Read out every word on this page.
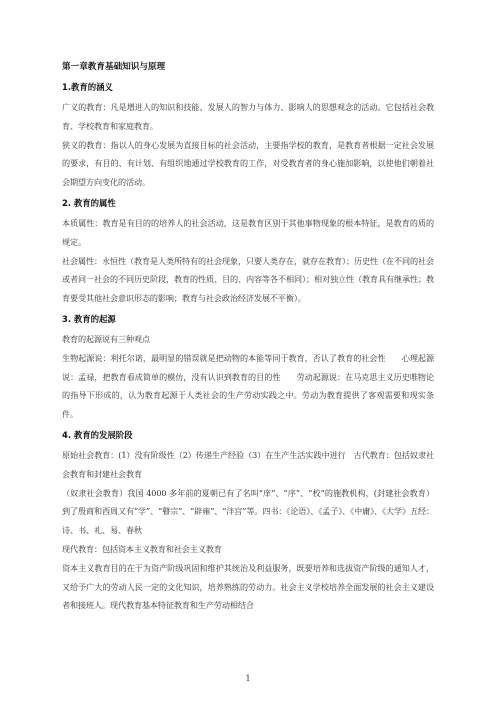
第一章教育基础知识与原理
1.教育的涵义

广义的教育：凡是增进人的知识和技能、发展人的智力与体力、影响人的思想观念的活动。它包括社会教育、学校教育和家庭教育。

狭义的教育：指以人的身心发展为直接目标的社会活动，主要指学校的教育，是教育者根据一定社会发展的要求，有目的、有计划、有组织地通过学校教育的工作，对受教育者的身心施加影响，以使他们朝着社会期望方向变化的活动。

2. 教育的属性

本质属性：教育是有目的的培养人的社会活动，这是教育区别于其他事物现象的根本特征，是教育的质的规定。

社会属性：永恒性（教育是人类所特有的社会现象，只要人类存在，就存在教育）；历史性（在不同的社会或者同一社会的不同历史阶段，教育的性质、目的、内容等各不相同）；相对独立性（教育具有继承性；教育要受其他社会意识形态的影响；教育与社会政治经济发展不平衡）。

3. 教育的起源

教育的起源说有三种观点

生物起源说：利托尔诺，最明显的错误就是把动物的本能等同于教育，否认了教育的社会性　　心理起源说：孟禄，把教育看成简单的模仿，没有认识到教育的目的性　　劳动起源说：在马克思主义历史唯物论的指导下形成的，认为教育起源于人类社会的生产劳动实践之中。劳动为教育提供了客观需要和现实条件。

4. 教育的发展阶段

原始社会教育：(1）没有阶级性（2）传递生产经验（3）在生产生活实践中进行　古代教育：包括奴隶社会教育和封建社会教育

（奴隶社会教育）我国 4000 多年前的夏朝已有了名叫“庠”、“序”、“校”的施教机构，(封建社会教育）到了殷商和西周又有“学”、“瞽宗”、“辟雍”、“泮宫”等。四书：《论语》、《孟子》、《中庸》、《大学》五经：诗、书、礼、易、春秋

现代教育：包括资本主义教育和社会主义教育

资本主义教育目的在于为资产阶级巩固和维护其统治及利益服务，既要培养和选拔资产阶级的通知人才，又给予广大的劳动人民一定的文化知识，培养熟练的劳动力。社会主义学校培养全面发展的社会主义建设者和接班人。现代教育基本特征教育和生产劳动相结合

1
